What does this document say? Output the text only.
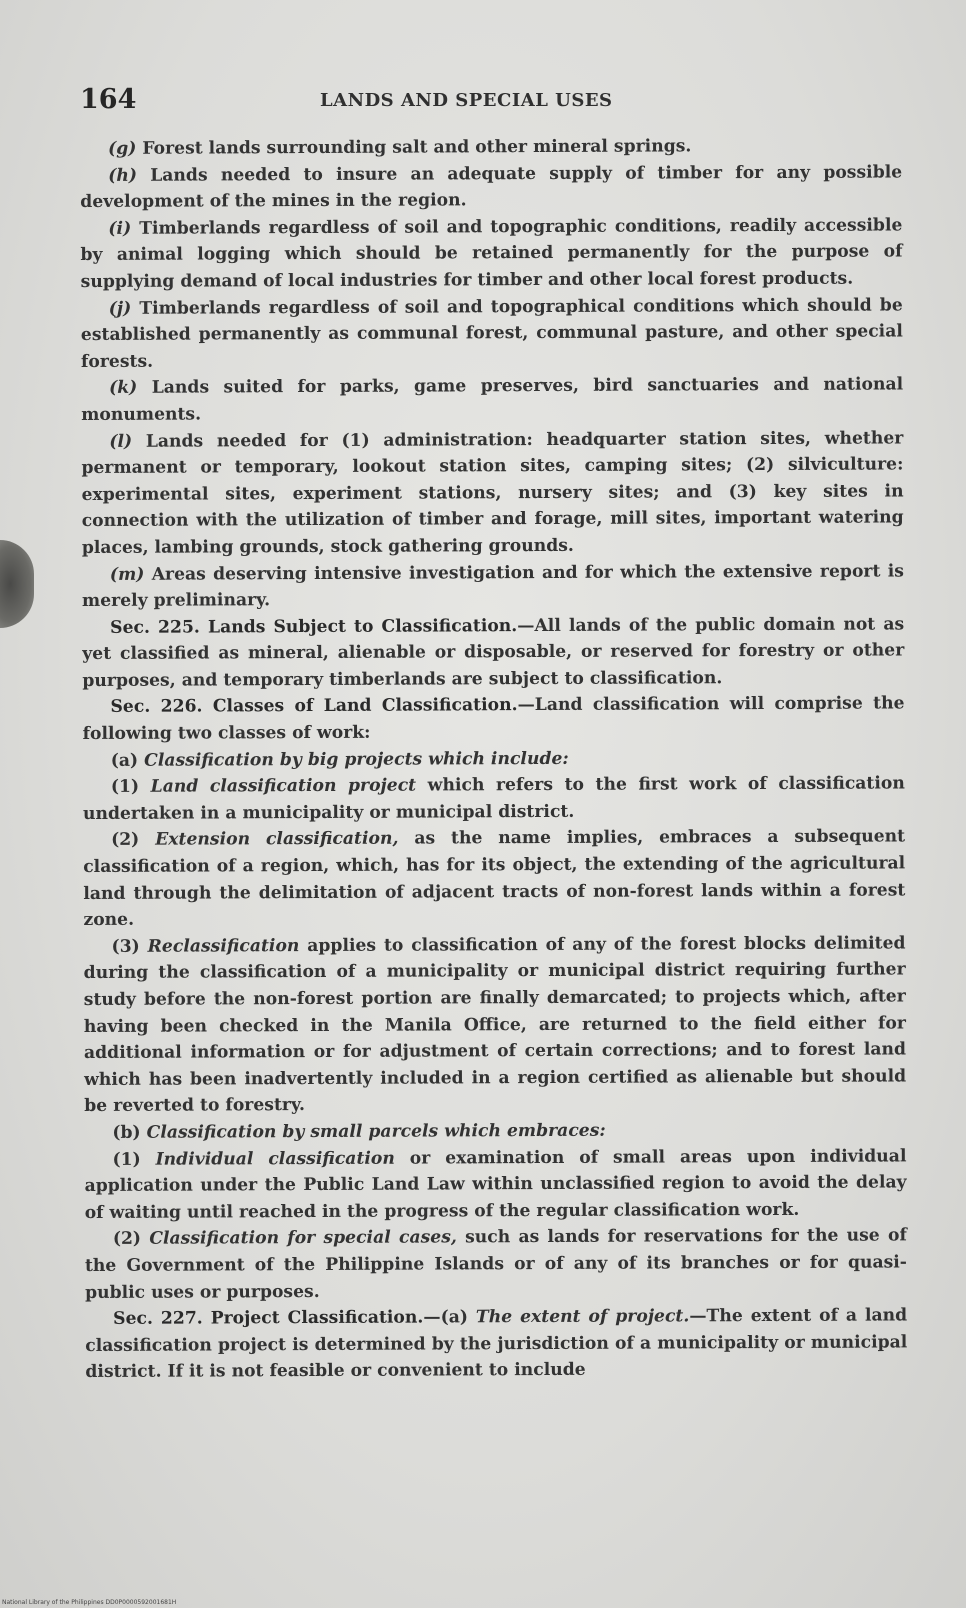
164	LANDS AND SPECIAL USES

(g) Forest lands surrounding salt and other mineral springs.

(h) Lands needed to insure an adequate supply of timber for any possible development of the mines in the region.

(i) Timberlands regardless of soil and topographic conditions, readily accessible by animal logging which should be retained permanently for the purpose of supplying demand of local industries for timber and other local forest products.

(j) Timberlands regardless of soil and topographical conditions which should be established permanently as communal forest, communal pasture, and other special forests.

(k) Lands suited for parks, game preserves, bird sanctuaries and national monuments.

(l) Lands needed for (1) administration: headquarter station sites, whether permanent or temporary, lookout station sites, camping sites; (2) silviculture: experimental sites, experiment stations, nursery sites; and (3) key sites in connection with the utilization of timber and forage, mill sites, important watering places, lambing grounds, stock gathering grounds.

(m) Areas deserving intensive investigation and for which the extensive report is merely preliminary.

Sec. 225. Lands Subject to Classification.—All lands of the public domain not as yet classified as mineral, alienable or disposable, or reserved for forestry or other purposes, and temporary timberlands are subject to classification.

Sec. 226. Classes of Land Classification.—Land classification will comprise the following two classes of work:

(a) Classification by big projects which include:

(1) Land classification project which refers to the first work of classification undertaken in a municipality or municipal district.

(2) Extension classification, as the name implies, embraces a subsequent classification of a region, which, has for its object, the extending of the agricultural land through the delimitation of adjacent tracts of non-forest lands within a forest zone.

(3) Reclassification applies to classification of any of the forest blocks delimited during the classification of a municipality or municipal district requiring further study before the non-forest portion are finally demarcated; to projects which, after having been checked in the Manila Office, are returned to the field either for additional information or for adjustment of certain corrections; and to forest land which has been inadvertently included in a region certified as alienable but should be reverted to forestry.

(b) Classification by small parcels which embraces:

(1) Individual classification or examination of small areas upon individual application under the Public Land Law within unclassified region to avoid the delay of waiting until reached in the progress of the regular classification work.

(2) Classification for special cases, such as lands for reservations for the use of the Government of the Philippine Islands or of any of its branches or for quasi-public uses or purposes.

Sec. 227. Project Classification.—(a) The extent of project.—The extent of a land classification project is determined by the jurisdiction of a municipality or municipal district. If it is not feasible or convenient to include

National Library of the Philippines DD0P0000592001681H
